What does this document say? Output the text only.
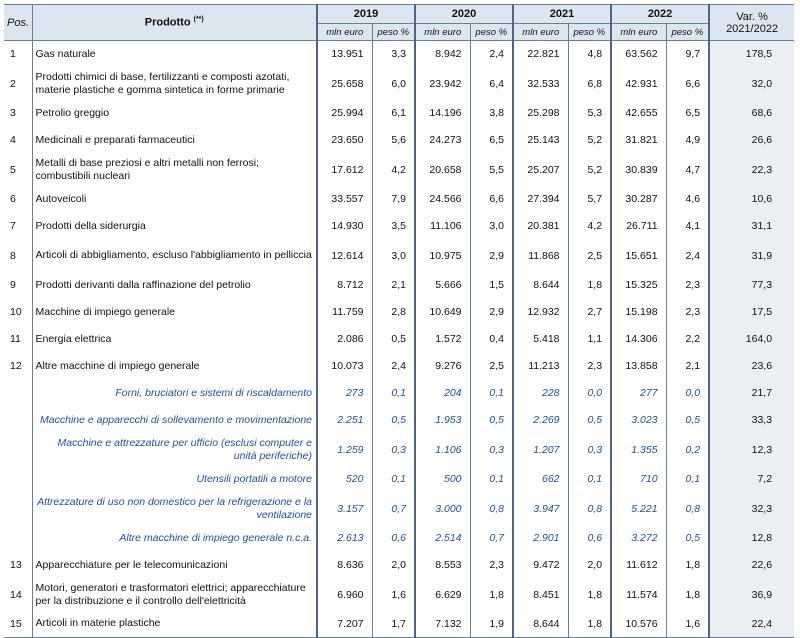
Pos.	Prodotto (**)	2019		2020		2021		2022		Var. %
2021/2022

		mln euro	peso %	mln euro	peso %	mln euro	peso %	mln euro	peso %	
1	Gas naturale	13.951	3,3	8.942	2,4	22.821	4,8	63.562	9,7	178,5
2	Prodotti chimici di base, fertilizzanti e composti azotati, materie plastiche e gomma sintetica in forme primarie	25.658	6,0	23.942	6,4	32.533	6,8	42.931	6,6	32,0
3	Petrolio greggio	25.994	6,1	14.196	3,8	25.298	5,3	42.655	6,5	68,6
4	Medicinali e preparati farmaceutici	23.650	5,6	24.273	6,5	25.143	5,2	31.821	4,9	26,6
5	Metalli di base preziosi e altri metalli non ferrosi; combustibili nucleari	17.612	4,2	20.658	5,5	25.207	5,2	30.839	4,7	22,3
6	Autoveicoli	33.557	7,9	24.566	6,6	27.394	5,7	30.287	4,6	10,6
7	Prodotti della siderurgia	14.930	3,5	11.106	3,0	20.381	4,2	26.711	4,1	31,1
8	Articoli di abbigliamento, escluso l'abbigliamento in pelliccia	12.614	3,0	10.975	2,9	11.868	2,5	15.651	2,4	31,9
9	Prodotti derivanti dalla raffinazione del petrolio	8.712	2,1	5.666	1,5	8.644	1,8	15.325	2,3	77,3
10	Macchine di impiego generale	11.759	2,8	10.649	2,9	12.932	2,7	15.198	2,3	17,5
11	Energia elettrica	2.086	0,5	1.572	0,4	5.418	1,1	14.306	2,2	164,0
12	Altre macchine di impiego generale	10.073	2,4	9.276	2,5	11.213	2,3	13.858	2,1	23,6
	Forni, bruciatori e sistemi di riscaldamento	273	0,1	204	0,1	228	0,0	277	0,0	21,7
	Macchine e apparecchi di sollevamento e movimentazione	2.251	0,5	1.953	0,5	2.269	0,5	3.023	0,5	33,3
	Macchine e attrezzature per ufficio (esclusi computer e unità periferiche)	1.259	0,3	1.106	0,3	1.207	0,3	1.355	0,2	12,3
	Utensili portatili a motore	520	0,1	500	0,1	662	0,1	710	0,1	7,2
	Attrezzature di uso non domestico per la refrigerazione e la ventilazione	3.157	0,7	3.000	0,8	3.947	0,8	5.221	0,8	32,3
	Altre macchine di impiego generale n.c.a.	2.613	0,6	2.514	0,7	2.901	0,6	3.272	0,5	12,8
13	Apparecchiature per le telecomunicazioni	8.636	2,0	8.553	2,3	9.472	2,0	11.612	1,8	22,6
14	Motori, generatori e trasformatori elettrici; apparecchiature per la distribuzione e il controllo dell'elettricità	6.960	1,6	6.629	1,8	8.451	1,8	11.574	1,8	36,9
15	Articoli in materie plastiche	7.207	1,7	7.132	1,9	8.644	1,8	10.576	1,6	22,4
